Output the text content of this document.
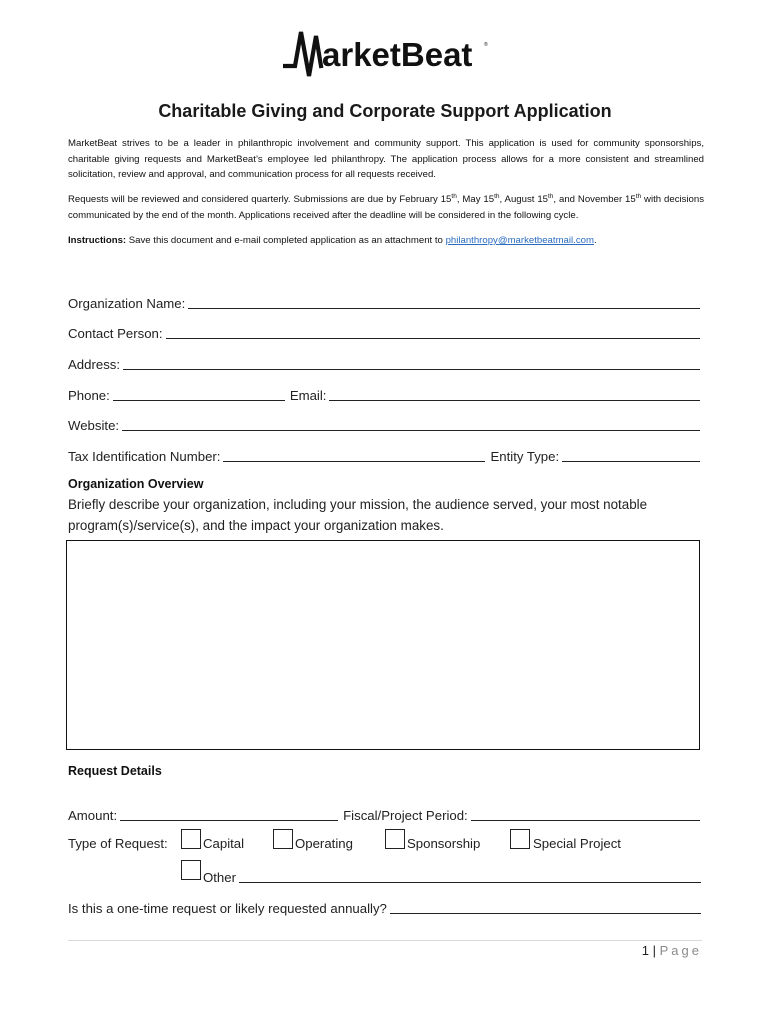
arketBeat ®
Charitable Giving and Corporate Support Application
MarketBeat strives to be a leader in philanthropic involvement and community support. This application is used for community sponsorships, charitable giving requests and MarketBeat’s employee led philanthropy. The application process allows for a more consistent and streamlined solicitation, review and approval, and communication process for all requests received.
Requests will be reviewed and considered quarterly. Submissions are due by February 15th, May 15th, August 15th, and November 15th with decisions communicated by the end of the month. Applications received after the deadline will be considered in the following cycle.
Instructions: Save this document and e-mail completed application as an attachment to philanthropy@marketbeatmail.com.
Organization Name:
Contact Person:
Address:
Phone:	Email:
Website:
Tax Identification Number:	Entity Type:
Organization Overview
Briefly describe your organization, including your mission, the audience served, your most notable program(s)/service(s), and the impact your organization makes.
Request Details
Amount:	Fiscal/Project Period:
Type of Request:	Capital	Operating	Sponsorship	Special Project
Other
Is this a one-time request or likely requested annually?
1 | Page
